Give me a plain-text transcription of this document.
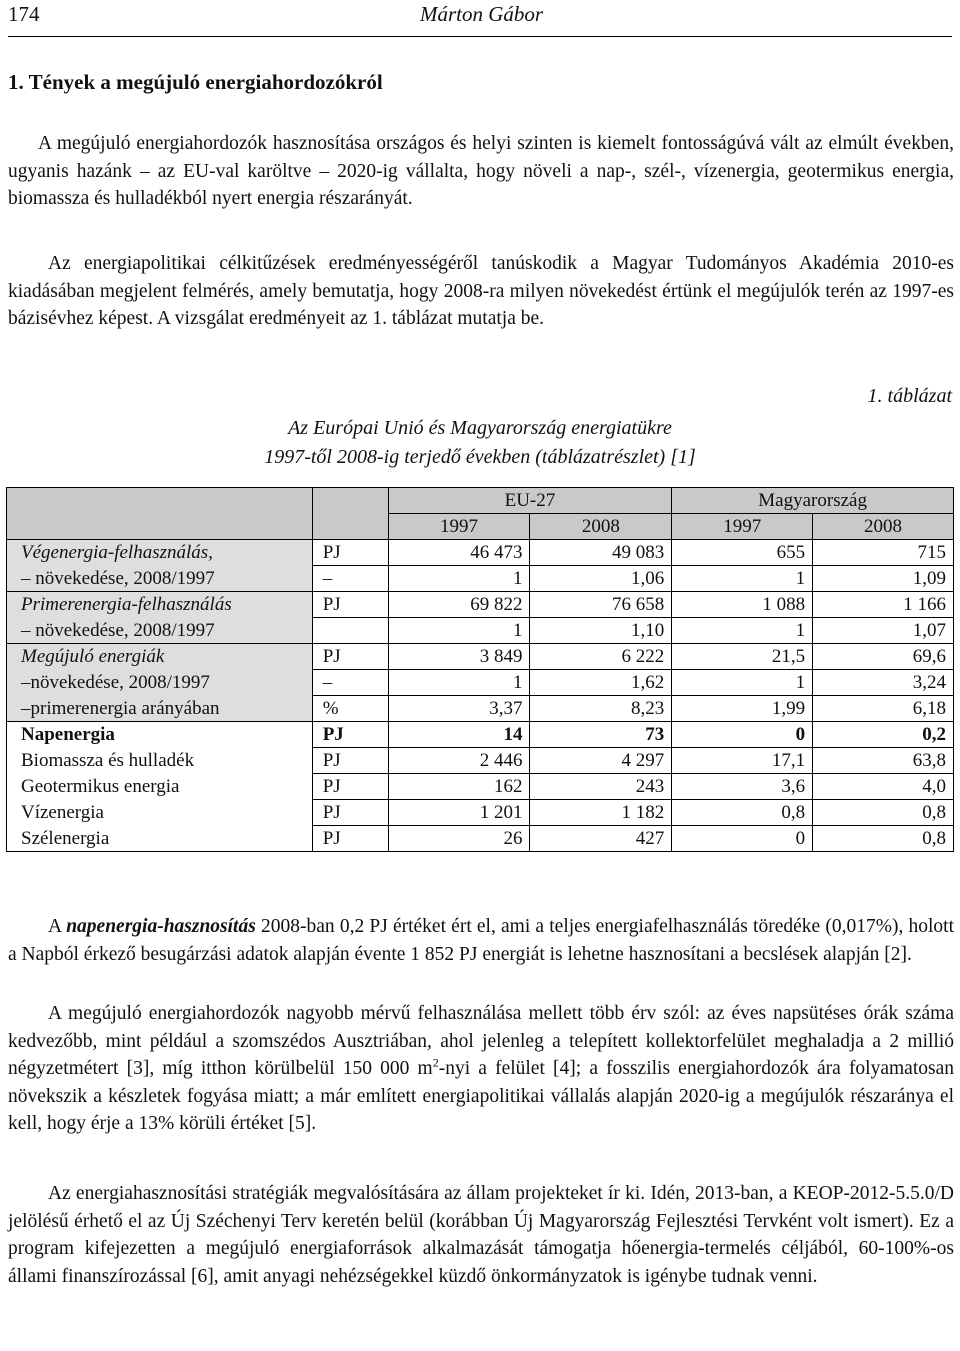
174	Márton Gábor
1. Tények a megújuló energiahordozókról
A megújuló energiahordozók hasznosítása országos és helyi szinten is kiemelt fontosságúvá vált az elmúlt években, ugyanis hazánk – az EU-val karöltve – 2020-ig vállalta, hogy növeli a nap-, szél-, vízenergia, geotermikus energia, biomassza és hulladékból nyert energia részarányát.
Az energiapolitikai célkitűzések eredményességéről tanúskodik a Magyar Tudományos Akadémia 2010-es kiadásában megjelent felmérés, amely bemutatja, hogy 2008-ra milyen növekedést értünk el megújulók terén az 1997-es bázisévhez képest. A vizsgálat eredményeit az 1. táblázat mutatja be.
1. táblázat
Az Európai Unió és Magyarország energiatükre
1997-től 2008-ig terjedő években (táblázatrészlet) [1]
		EU-27		Magyarország	
		1997	2008	1997	2008
Végenergia-felhasználás,	PJ	46 473	49 083	655	715
– növekedése, 2008/1997	–	1	1,06	1	1,09
Primerenergia-felhasználás	PJ	69 822	76 658	1 088	1 166
– növekedése, 2008/1997		1	1,10	1	1,07
Megújuló energiák	PJ	3 849	6 222	21,5	69,6
–növekedése, 2008/1997	–	1	1,62	1	3,24
–primerenergia arányában	%	3,37	8,23	1,99	6,18
Napenergia	PJ	14	73	0	0,2
Biomassza és hulladék	PJ	2 446	4 297	17,1	63,8
Geotermikus energia	PJ	162	243	3,6	4,0
Vízenergia	PJ	1 201	1 182	0,8	0,8
Szélenergia	PJ	26	427	0	0,8
A napenergia-hasznosítás 2008-ban 0,2 PJ értéket ért el, ami a teljes energiafelhasználás töredéke (0,017%), holott a Napból érkező besugárzási adatok alapján évente 1 852 PJ energiát is lehetne hasznosítani a becslések alapján [2].
A megújuló energiahordozók nagyobb mérvű felhasználása mellett több érv szól: az éves napsütéses órák száma kedvezőbb, mint például a szomszédos Ausztriában, ahol jelenleg a telepített kollektorfelület meghaladja a 2 millió négyzetmétert [3], míg itthon körülbelül 150 000 $m^2$-nyi a felület [4]; a fosszilis energiahordozók ára folyamatosan növekszik a készletek fogyása miatt; a már említett energiapolitikai vállalás alapján 2020-ig a megújulók részaránya el kell, hogy érje a 13% körüli értéket [5].
Az energiahasznosítási stratégiák megvalósítására az állam projekteket ír ki. Idén, 2013-ban, a KEOP-2012-5.5.0/D jelölésű érhető el az Új Széchenyi Terv keretén belül (korábban Új Magyarország Fejlesztési Tervként volt ismert). Ez a program kifejezetten a megújuló energiaforrások alkalmazását támogatja hőenergia-termelés céljából, 60-100%-os állami finanszírozással [6], amit anyagi nehézségekkel küzdő önkormányzatok is igénybe tudnak venni.
